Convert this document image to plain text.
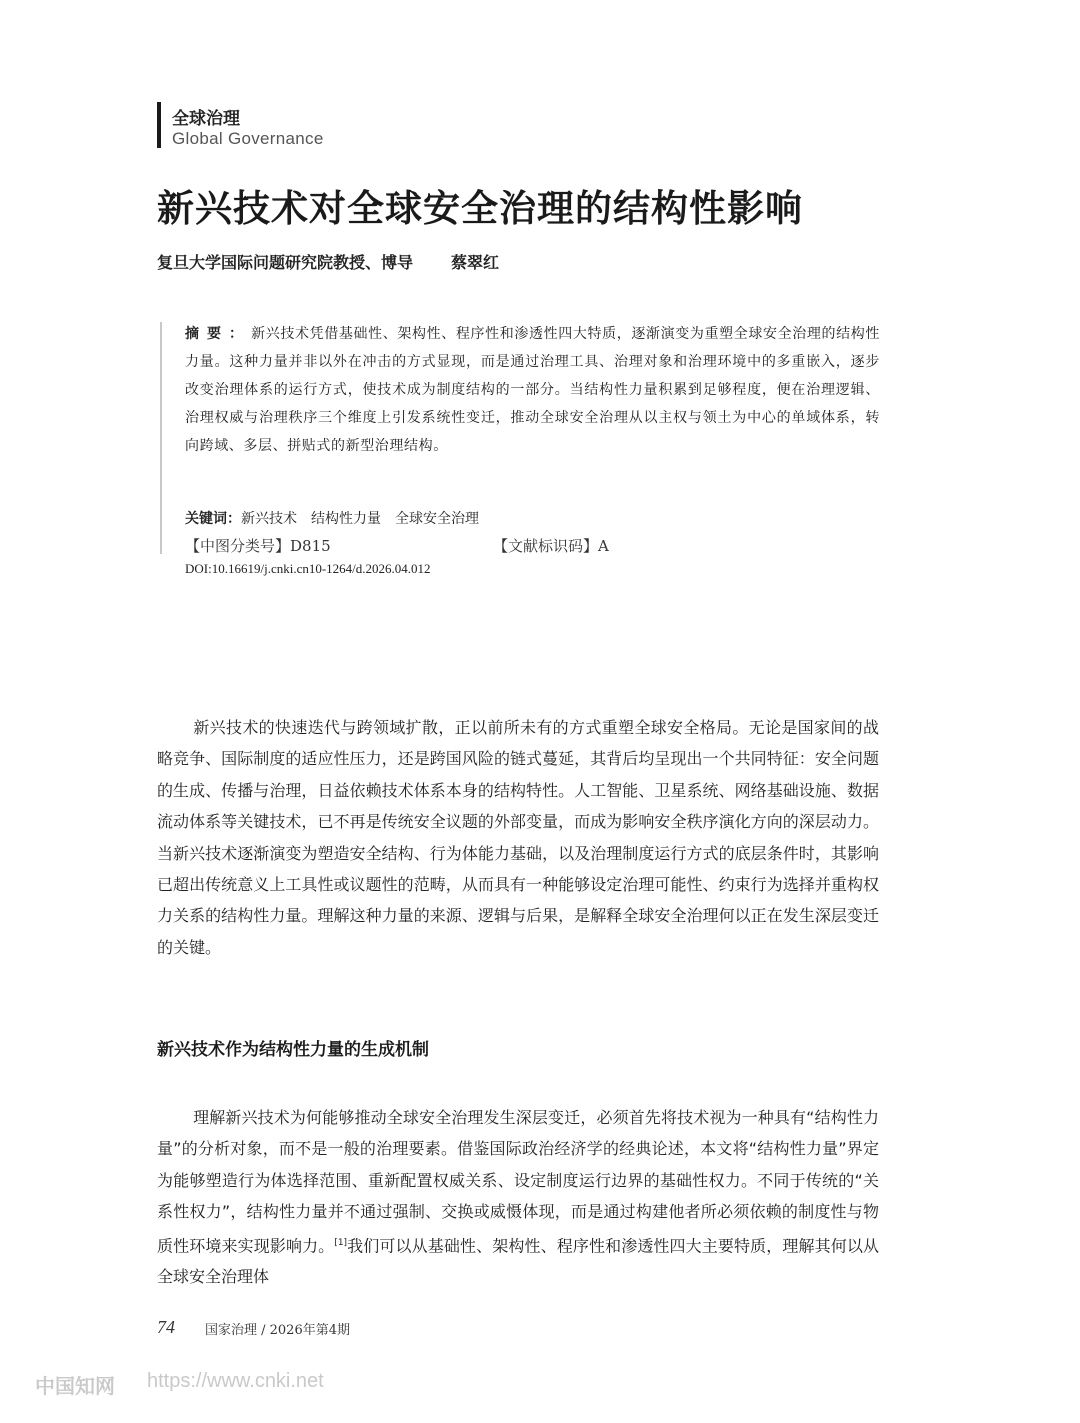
全球治理
Global Governance
新兴技术对全球安全治理的结构性影响
复旦大学国际问题研究院教授、博导 蔡翠红
摘要：新兴技术凭借基础性、架构性、程序性和渗透性四大特质，逐渐演变为重塑全球安全治理的结构性力量。这种力量并非以外在冲击的方式显现，而是通过治理工具、治理对象和治理环境中的多重嵌入，逐步改变治理体系的运行方式，使技术成为制度结构的一部分。当结构性力量积累到足够程度，便在治理逻辑、治理权威与治理秩序三个维度上引发系统性变迁，推动全球安全治理从以主权与领土为中心的单域体系，转向跨域、多层、拼贴式的新型治理结构。
关键词：新兴技术 结构性力量 全球安全治理
【中图分类号】D815	【文献标识码】A
DOI:10.16619/j.cnki.cn10-1264/d.2026.04.012

新兴技术的快速迭代与跨领域扩散，正以前所未有的方式重塑全球安全格局。无论是国家间的战略竞争、国际制度的适应性压力，还是跨国风险的链式蔓延，其背后均呈现出一个共同特征：安全问题的生成、传播与治理，日益依赖技术体系本身的结构特性。人工智能、卫星系统、网络基础设施、数据流动体系等关键技术，已不再是传统安全议题的外部变量，而成为影响安全秩序演化方向的深层动力。当新兴技术逐渐演变为塑造安全结构、行为体能力基础，以及治理制度运行方式的底层条件时，其影响已超出传统意义上工具性或议题性的范畴，从而具有一种能够设定治理可能性、约束行为选择并重构权力关系的结构性力量。理解这种力量的来源、逻辑与后果，是解释全球安全治理何以正在发生深层变迁的关键。

新兴技术作为结构性力量的生成机制

理解新兴技术为何能够推动全球安全治理发生深层变迁，必须首先将技术视为一种具有“结构性力量”的分析对象，而不是一般的治理要素。借鉴国际政治经济学的经典论述，本文将“结构性力量”界定为能够塑造行为体选择范围、重新配置权威关系、设定制度运行边界的基础性权力。不同于传统的“关系性权力”，结构性力量并不通过强制、交换或威慑体现，而是通过构建他者所必须依赖的制度性与物质性环境来实现影响力。[1]我们可以从基础性、架构性、程序性和渗透性四大主要特质，理解其何以从全球安全治理体

74 国家治理 / 2026年第4期
中国知网 https://www.cnki.net
